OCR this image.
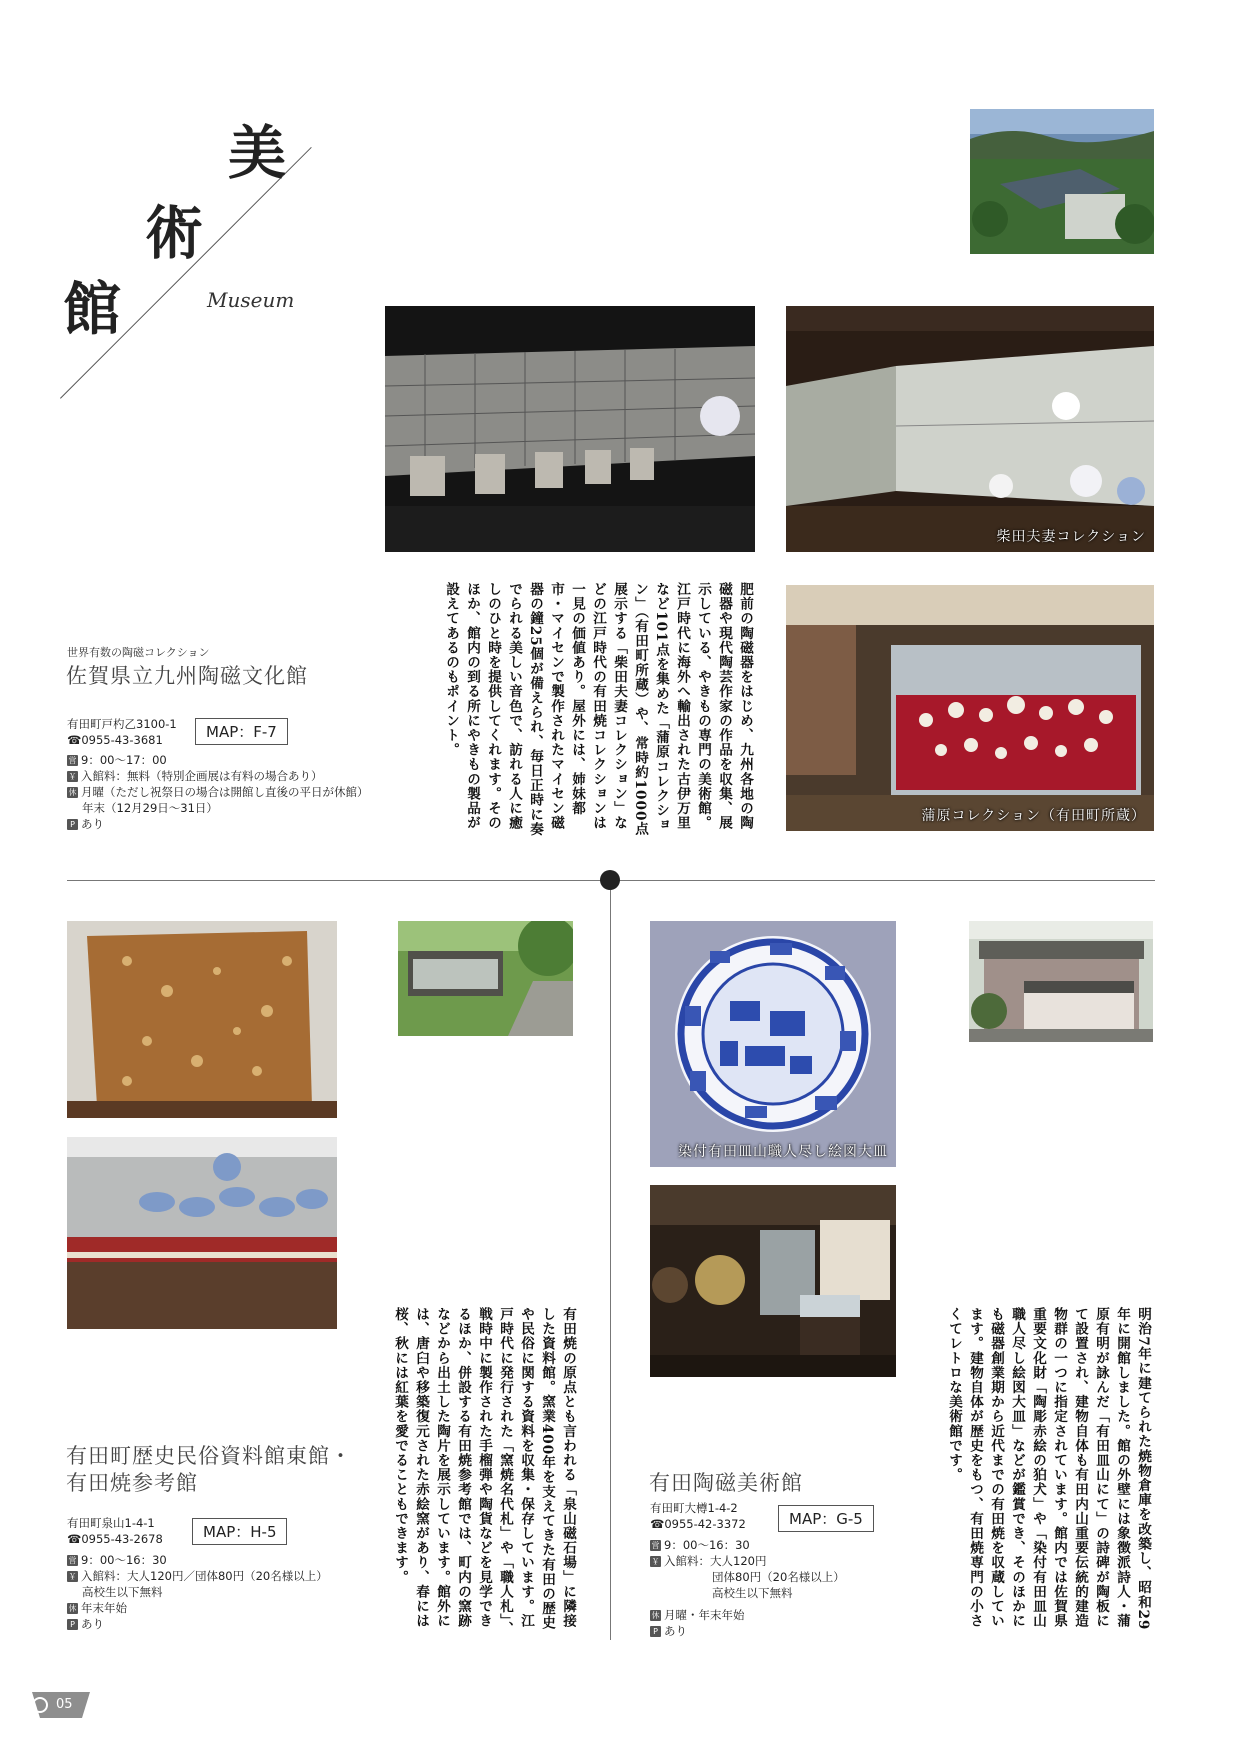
美
術
館	Museum
柴田夫妻コレクション
蒲原コレクション（有田町所蔵）
肥前の陶磁器をはじめ、九州各地の陶磁器や現代陶芸作家の作品を収集、展示している、やきもの専門の美術館。江戸時代に海外へ輸出された古伊万里など101点を集めた「蒲原コレクション」（有田町所蔵）や、常時約1000点展示する「柴田夫妻コレクション」などの江戸時代の有田焼コレクションは一見の価値あり。屋外には、姉妹都市・マイセンで製作されたマイセン磁器の鐘25個が備えられ、毎日正時に奏でられる美しい音色で、訪れる人に癒しのひと時を提供してくれます。そのほか、館内の到る所にやきもの製品が設えてあるのもポイント。
世界有数の陶磁コレクション
佐賀県立九州陶磁文化館
有田町戸杓乙3100-1
☎0955-43-3681	MAP：F-7
営 9：00～17：00
￥ 入館料：無料（特別企画展は有料の場合あり）
休 月曜（ただし祝祭日の場合は開館し直後の平日が休館）
年末（12月29日～31日）
P あり
有田焼の原点とも言われる「泉山磁石場」に隣接した資料館。窯業400年を支えてきた有田の歴史や民俗に関する資料を収集・保存しています。江戸時代に発行された「窯焼名代札」や「職人札」、戦時中に製作された手榴弾や陶貨などを見学できるほか、併設する有田焼参考館では、町内の窯跡などから出土した陶片を展示しています。館外には、唐臼や移築復元された赤絵窯があり、春には桜、秋には紅葉を愛でることもできます。
有田町歴史民俗資料館東館・
有田焼参考館
有田町泉山1-4-1
☎0955-43-2678	MAP：H-5
営 9：00～16：30
￥ 入館料：大人120円／団体80円（20名様以上）
高校生以下無料
休 年末年始
P あり
染付有田皿山職人尽し絵図大皿
明治7年に建てられた焼物倉庫を改築し、昭和29年に開館しました。館の外壁には象徴派詩人・蒲原有明が詠んだ「有田皿山にて」の詩碑が陶板にて設置され、建物自体も有田内山重要伝統的建造物群の一つに指定されています。館内では佐賀県重要文化財「陶彫赤絵の狛犬」や「染付有田皿山職人尽し絵図大皿」などが鑑賞でき、そのほかにも磁器創業期から近代までの有田焼を収蔵しています。建物自体が歴史をもつ、有田焼専門の小さくてレトロな美術館です。
有田陶磁美術館
有田町大樽1-4-2
☎0955-42-3372	MAP：G-5
営 9：00～16：30
￥ 入館料：大人120円
団体80円（20名様以上）
高校生以下無料
休 月曜・年末年始
P あり
05
